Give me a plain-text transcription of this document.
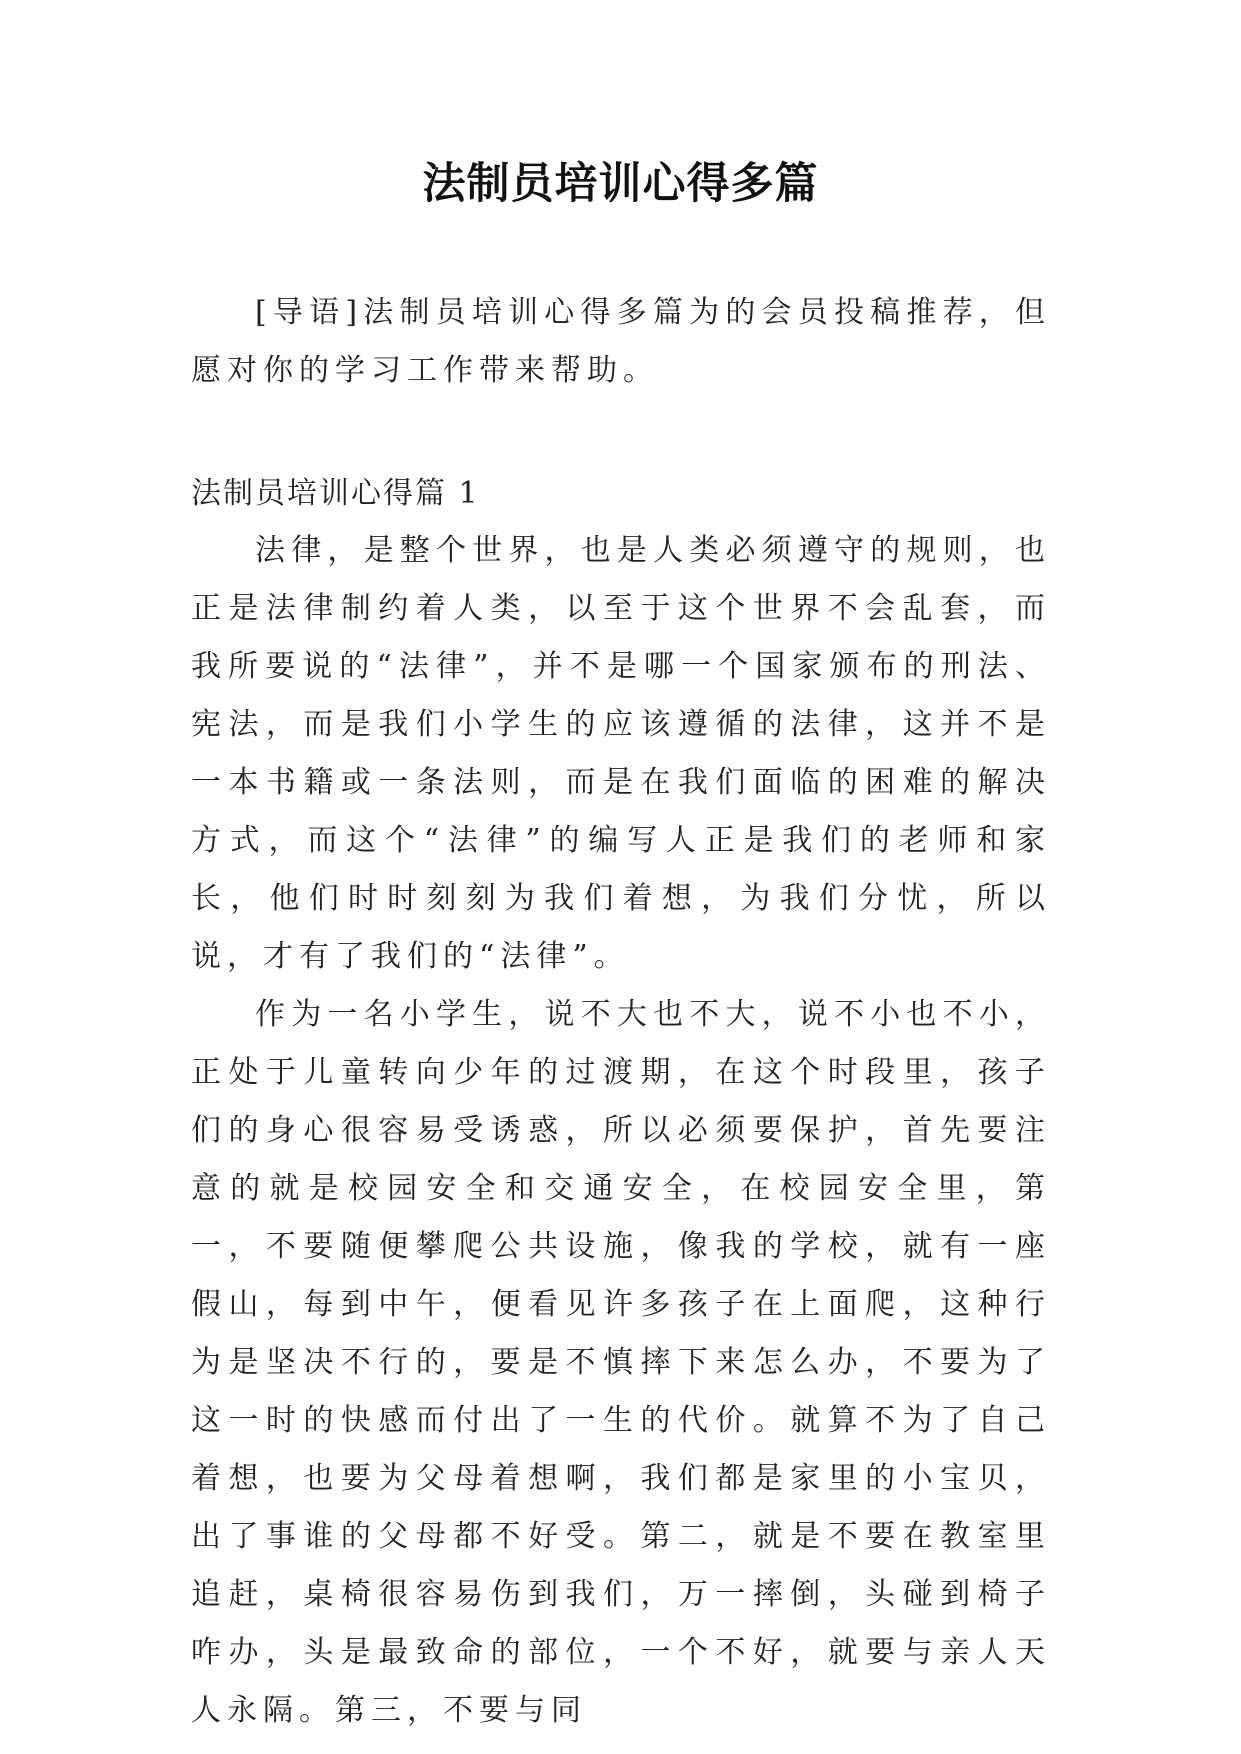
法制员培训心得多篇

[导语]法制员培训心得多篇为的会员投稿推荐，但愿对你的学习工作带来帮助。

法制员培训心得篇 1

法律，是整个世界，也是人类必须遵守的规则，也正是法律制约着人类，以至于这个世界不会乱套，而我所要说的“法律”，并不是哪一个国家颁布的刑法、宪法，而是我们小学生的应该遵循的法律，这并不是一本书籍或一条法则，而是在我们面临的困难的解决方式，而这个“法律”的编写人正是我们的老师和家长，他们时时刻刻为我们着想，为我们分忧，所以说，才有了我们的“法律”。

作为一名小学生，说不大也不大，说不小也不小，正处于儿童转向少年的过渡期，在这个时段里，孩子们的身心很容易受诱惑，所以必须要保护，首先要注意的就是校园安全和交通安全，在校园安全里，第一，不要随便攀爬公共设施，像我的学校，就有一座假山，每到中午，便看见许多孩子在上面爬，这种行为是坚决不行的，要是不慎摔下来怎么办，不要为了这一时的快感而付出了一生的代价。就算不为了自己着想，也要为父母着想啊，我们都是家里的小宝贝，出了事谁的父母都不好受。第二，就是不要在教室里追赶，桌椅很容易伤到我们，万一摔倒，头碰到椅子咋办，头是最致命的部位，一个不好，就要与亲人天人永隔。第三，不要与同
